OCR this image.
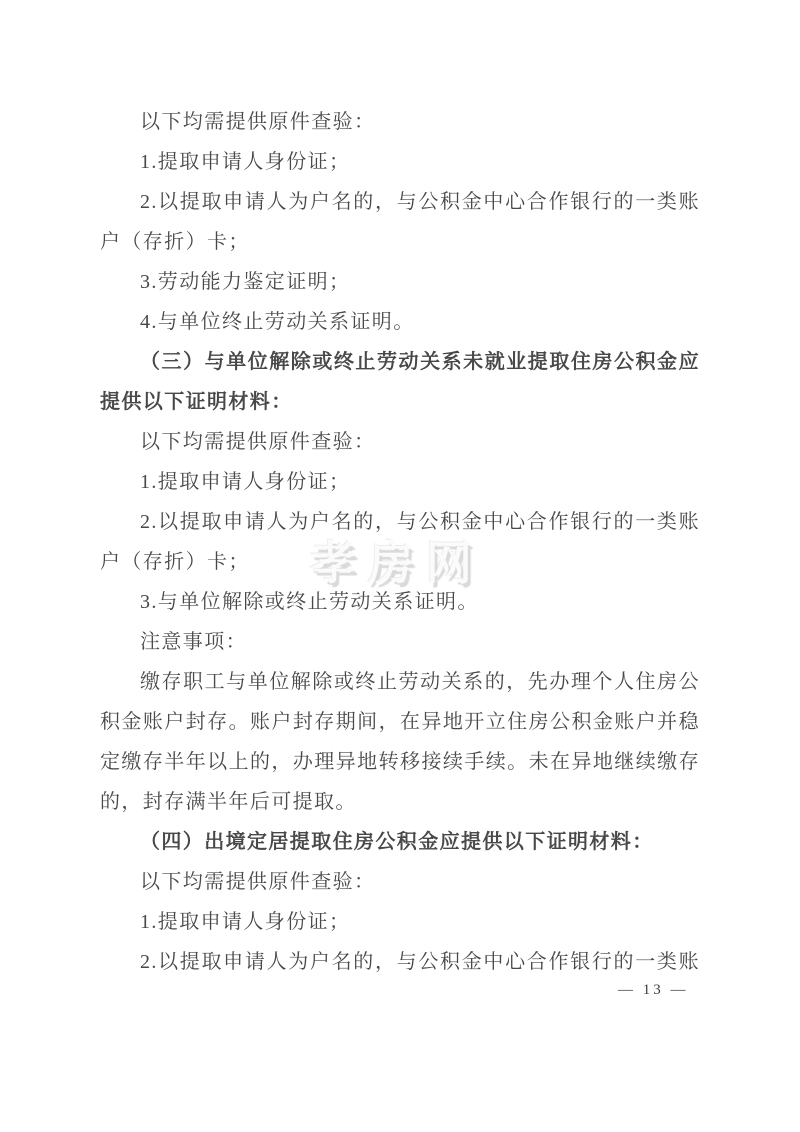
孝房网

以下均需提供原件查验：

1.提取申请人身份证；

2.以提取申请人为户名的，与公积金中心合作银行的一类账户（存折）卡；

3.劳动能力鉴定证明；

4.与单位终止劳动关系证明。

（三）与单位解除或终止劳动关系未就业提取住房公积金应提供以下证明材料：

以下均需提供原件查验：

1.提取申请人身份证；

2.以提取申请人为户名的，与公积金中心合作银行的一类账户（存折）卡；

3.与单位解除或终止劳动关系证明。

注意事项：

缴存职工与单位解除或终止劳动关系的，先办理个人住房公积金账户封存。账户封存期间，在异地开立住房公积金账户并稳定缴存半年以上的，办理异地转移接续手续。未在异地继续缴存的，封存满半年后可提取。

（四）出境定居提取住房公积金应提供以下证明材料：

以下均需提供原件查验：

1.提取申请人身份证；

2.以提取申请人为户名的，与公积金中心合作银行的一类账

— 13 —
